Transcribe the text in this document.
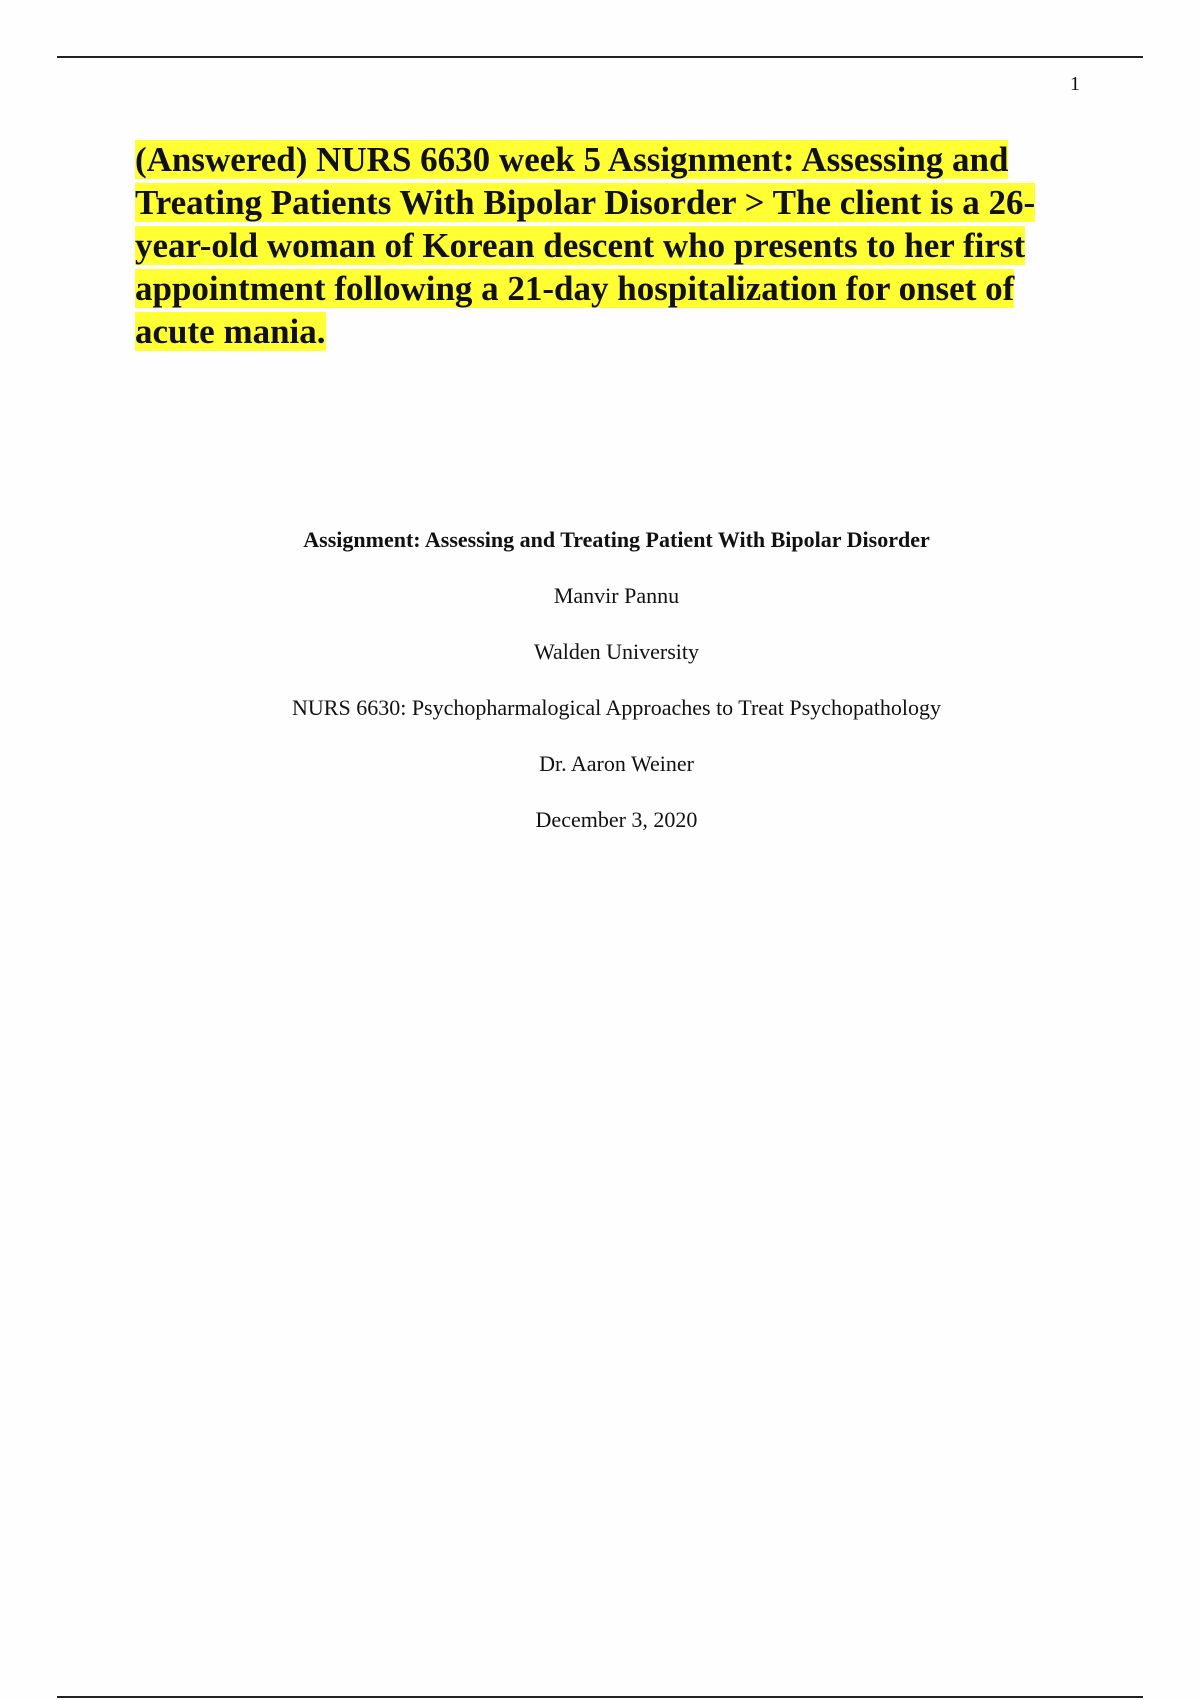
1
(Answered) NURS 6630 week 5 Assignment: Assessing and Treating Patients With Bipolar Disorder > The client is a 26-year-old woman of Korean descent who presents to her first appointment following a 21-day hospitalization for onset of acute mania.
Assignment: Assessing and Treating Patient With Bipolar Disorder
Manvir Pannu
Walden University
NURS 6630: Psychopharmalogical Approaches to Treat Psychopathology
Dr. Aaron Weiner
December 3, 2020
